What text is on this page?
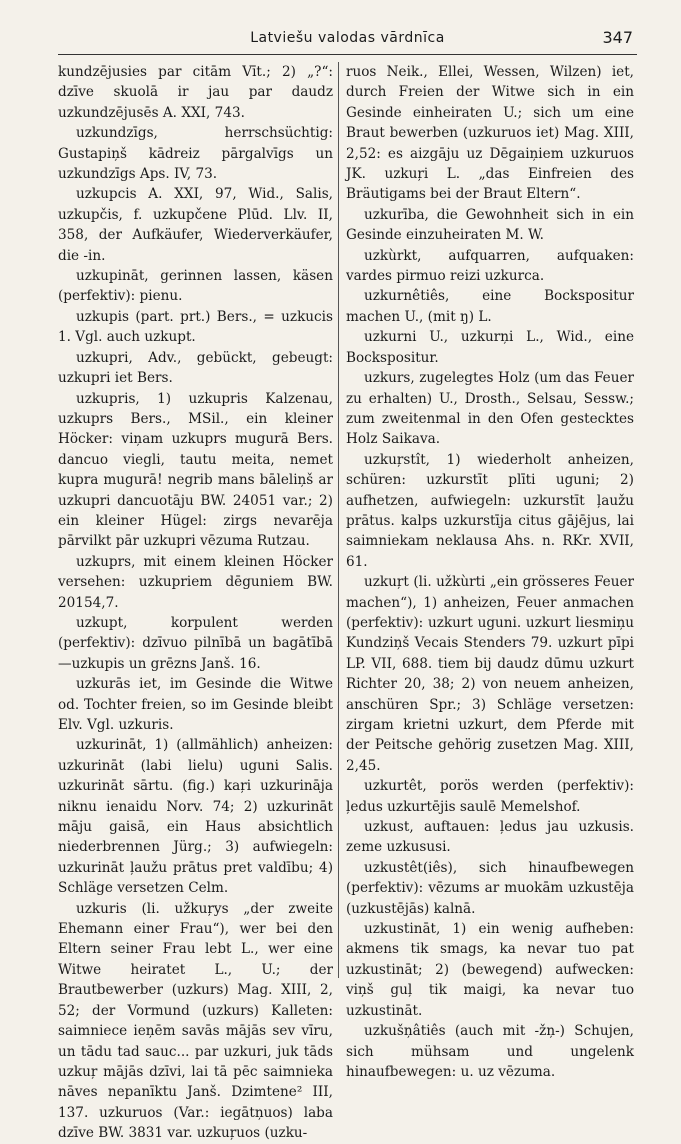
Latviešu valodas vārdnīca	347

kundzējusies par citām Vīt.; 2) „?“: dzīve skuolā ir jau par daudz uzkundzējusēs A. XXI, 743.

uzkundzīgs, herrschsüchtig: Gustapiņš kādreiz pārgalvīgs un uzkundzīgs Aps. IV, 73.

uzkupcis A. XXI, 97, Wid., Salis, uzkupčis, f. uzkupčene Plūd. Llv. II, 358, der Aufkäufer, Wiederverkäufer, die -in.

uzkupināt, gerinnen lassen, käsen (perfektiv): pienu.

uzkupis (part. prt.) Bers., = uzkucis 1. Vgl. auch uzkupt.

uzkupri, Adv., gebückt, gebeugt: uzkupri iet Bers.

uzkupris, 1) uzkupris Kalzenau, uzkuprs Bers., MSil., ein kleiner Höcker: viņam uzkuprs mugurā Bers. dancuo viegli, tautu meita, nemet kupra mugurā! negrib mans bāleliņš ar uzkupri dancuotāju BW. 24051 var.; 2) ein kleiner Hügel: zirgs nevarēja pārvilkt pār uzkupri vēzuma Rutzau.

uzkuprs, mit einem kleinen Höcker versehen: uzkupriem dēguniem BW. 20154,7.

uzkupt, korpulent werden (perfektiv): dzīvuo pilnībā un bagātībā—uzkupis un grēzns Janš. 16.

uzkurās iet, im Gesinde die Witwe od. Tochter freien, so im Gesinde bleibt Elv. Vgl. uzkuris.

uzkurināt, 1) (allmählich) anheizen: uzkurināt (labi lielu) uguni Salis. uzkurināt sārtu. (fig.) kaŗi uzkurināja niknu ienaidu Norv. 74; 2) uzkurināt māju gaisā, ein Haus absichtlich niederbrennen Jürg.; 3) aufwiegeln: uzkurināt ļaužu prātus pret valdību; 4) Schläge versetzen Celm.

uzkuris (li. užkuŗys „der zweite Ehemann einer Frau“), wer bei den Eltern seiner Frau lebt L., wer eine Witwe heiratet L., U.; der Brautbewerber (uzkurs) Mag. XIII, 2, 52; der Vormund (uzkurs) Kalleten: saimniece ieņēm savās mājās sev vīru, un tādu tad sauc... par uzkuri, juk tāds uzkuŗ mājās dzīvi, lai tā pēc saimnieka nāves nepanīktu Janš. Dzimtene² III, 137. uzkuruos (Var.: iegātņuos) laba dzīve BW. 3831 var. uzkuŗuos (uzku-

ruos Neik., Ellei, Wessen, Wilzen) iet, durch Freien der Witwe sich in ein Gesinde einheiraten U.; sich um eine Braut bewerben (uzkuruos iet) Mag. XIII, 2,52: es aizgāju uz Dēgaiņiem uzkuruos JK. uzkuŗi L. „das Einfreien des Bräutigams bei der Braut Eltern“.

uzkurība, die Gewohnheit sich in ein Gesinde einzuheiraten M. W.

uzkùrkt, aufquarren, aufquaken: vardes pirmuo reizi uzkurca.

uzkurnêtiês, eine Bockspositur machen U., (mit ŋ) L.

uzkurni U., uzkurņi L., Wid., eine Bockspositur.

uzkurs, zugelegtes Holz (um das Feuer zu erhalten) U., Drosth., Selsau, Sessw.; zum zweitenmal in den Ofen gestecktes Holz Saikava.

uzkuŗstît, 1) wiederholt anheizen, schüren: uzkurstīt plīti uguni; 2) aufhetzen, aufwiegeln: uzkurstīt ļaužu prātus. kalps uzkurstīja citus gājējus, lai saimniekam neklausa Ahs. n. RKr. XVII, 61.

uzkuŗt (li. užkùrti „ein grösseres Feuer machen“), 1) anheizen, Feuer anmachen (perfektiv): uzkurt uguni. uzkurt liesmiņu Kundziņš Vecais Stenders 79. uzkurt pīpi LP. VII, 688. tiem bij daudz dūmu uzkurt Richter 20, 38; 2) von neuem anheizen, anschüren Spr.; 3) Schläge versetzen: zirgam krietni uzkurt, dem Pferde mit der Peitsche gehörig zusetzen Mag. XIII, 2,45.

uzkurtêt, porös werden (perfektiv): ļedus uzkurtējis saulē Memelshof.

uzkust, auftauen: ļedus jau uzkusis. zeme uzkususi.

uzkustêt(iês), sich hinaufbewegen (perfektiv): vēzums ar muokām uzkustēja (uzkustējās) kalnā.

uzkustināt, 1) ein wenig aufheben: akmens tik smags, ka nevar tuo pat uzkustināt; 2) (bewegend) aufwecken: viņš guļ tik maigi, ka nevar tuo uzkustināt.

uzkušņâtiês (auch mit -žņ-) Schujen, sich mühsam und ungelenk hinaufbewegen: u. uz vēzuma.
